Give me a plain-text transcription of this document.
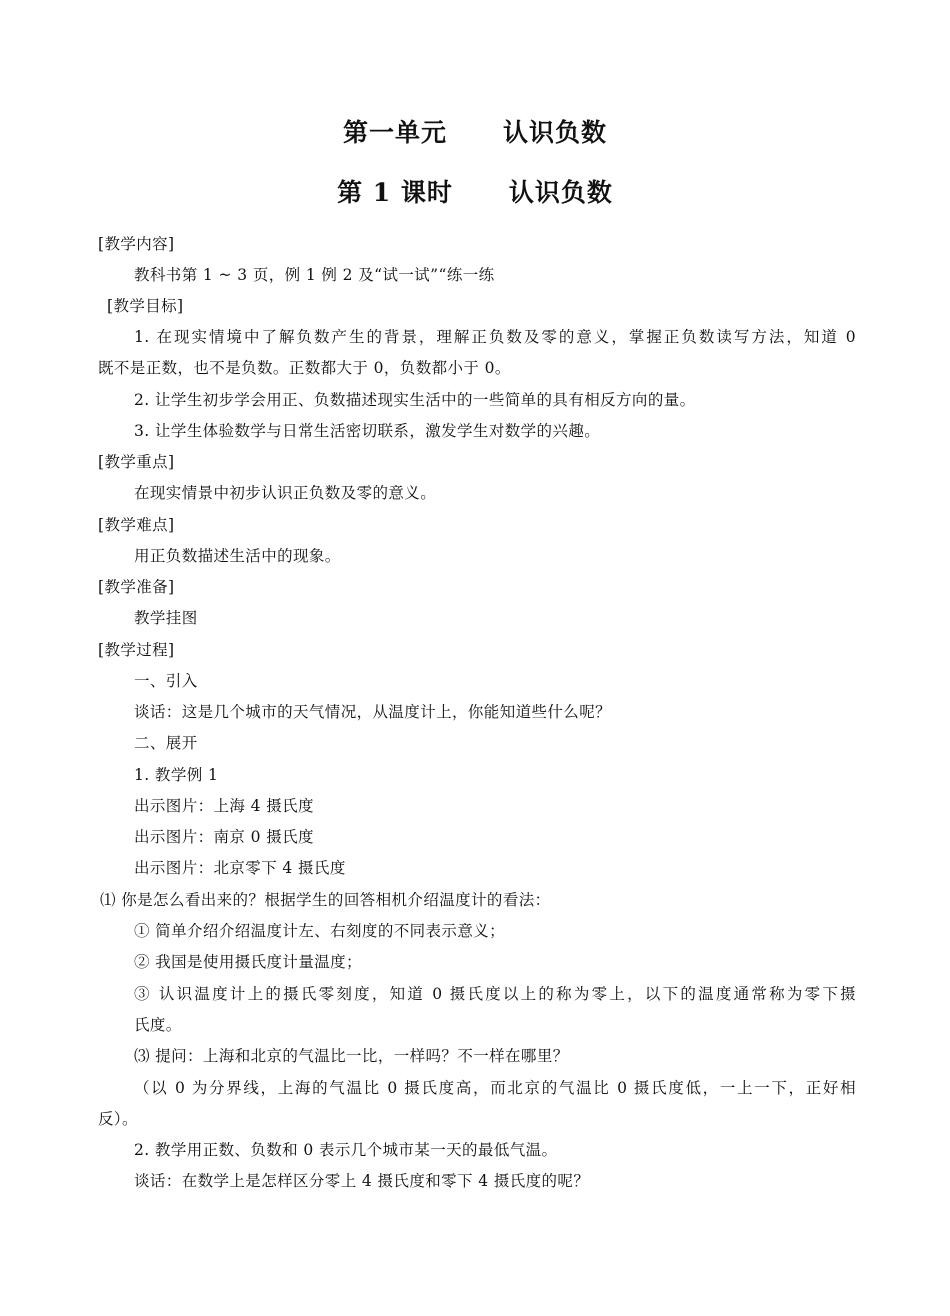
第一单元 认识负数
第 1 课时 认识负数
[教学内容]
教科书第 1 ~ 3 页，例 1 例 2 及“试一试”“练一练
[教学目标]
1. 在现实情境中了解负数产生的背景，理解正负数及零的意义，掌握正负数读写方法，知道 0
既不是正数，也不是负数。正数都大于 0，负数都小于 0。
2. 让学生初步学会用正、负数描述现实生活中的一些简单的具有相反方向的量。
3. 让学生体验数学与日常生活密切联系，激发学生对数学的兴趣。
[教学重点]
在现实情景中初步认识正负数及零的意义。
[教学难点]
用正负数描述生活中的现象。
[教学准备]
教学挂图
[教学过程]
一、引入
谈话：这是几个城市的天气情况，从温度计上，你能知道些什么呢？
二、展开
1. 教学例 1
出示图片：上海 4 摄氏度
出示图片：南京 0 摄氏度
出示图片：北京零下 4 摄氏度
⑴ 你是怎么看出来的？根据学生的回答相机介绍温度计的看法：
① 简单介绍介绍温度计左、右刻度的不同表示意义；
② 我国是使用摄氏度计量温度；
③ 认识温度计上的摄氏零刻度，知道 0 摄氏度以上的称为零上，以下的温度通常称为零下摄
氏度。
⑶ 提问：上海和北京的气温比一比，一样吗？不一样在哪里？
（以 0 为分界线，上海的气温比 0 摄氏度高，而北京的气温比 0 摄氏度低，一上一下，正好相
反）。
2. 教学用正数、负数和 0 表示几个城市某一天的最低气温。
谈话：在数学上是怎样区分零上 4 摄氏度和零下 4 摄氏度的呢？
